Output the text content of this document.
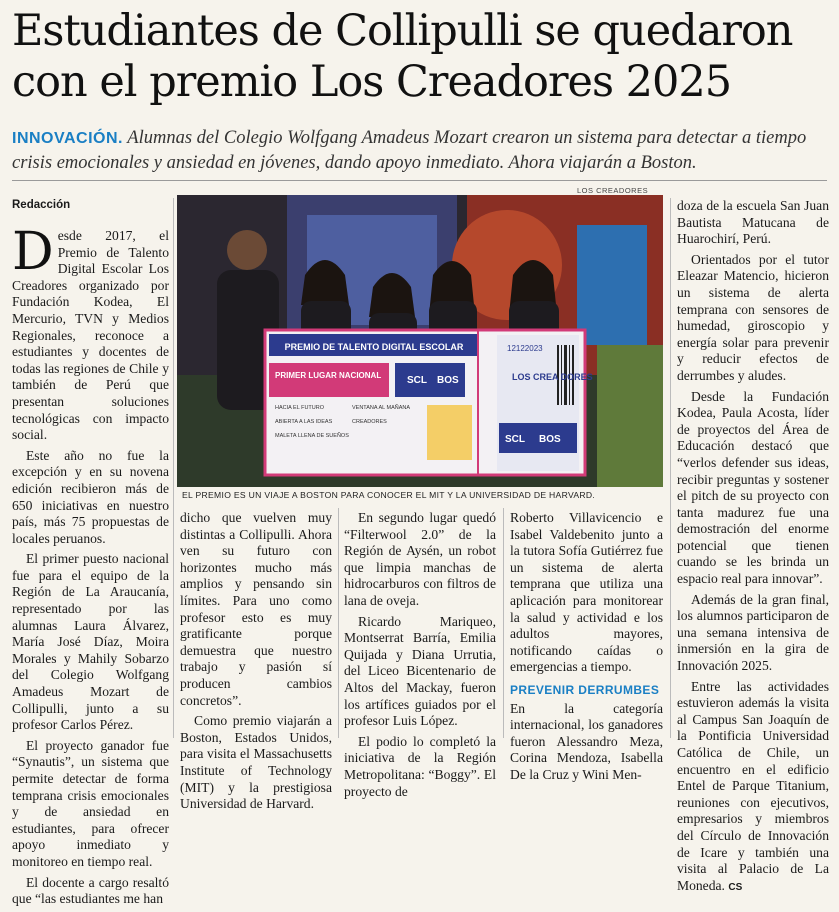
Estudiantes de Collipulli se quedaron con el premio Los Creadores 2025
INNOVACIÓN. Alumnas del Colegio Wolfgang Amadeus Mozart crearon un sistema para detectar a tiempo crisis emocionales y ansiedad en jóvenes, dando apoyo inmediato. Ahora viajarán a Boston.
Redacción

Desde 2017, el Premio de Talento Digital Escolar Los Creadores organizado por Fundación Kodea, El Mercurio, TVN y Medios Regionales, reconoce a estudiantes y docentes de todas las regiones de Chile y también de Perú que presentan soluciones tecnológicas con impacto social.

Este año no fue la excepción y en su novena edición recibieron más de 650 iniciativas en nuestro país, más 75 propuestas de locales peruanos.

El primer puesto nacional fue para el equipo de la Región de La Araucanía, representado por las alumnas Laura Álvarez, María José Díaz, Moira Morales y Mahily Sobarzo del Colegio Wolfgang Amadeus Mozart de Collipulli, junto a su profesor Carlos Pérez.

El proyecto ganador fue “Synautis”, un sistema que permite detectar de forma temprana crisis emocionales y de ansiedad en estudiantes, para ofrecer apoyo inmediato y monitoreo en tiempo real.

El docente a cargo resaltó que “las estudiantes me han

LOS CREADORES
PREMIO DE TALENTO DIGITAL ESCOLAR
PRIMER LUGAR NACIONAL	SCL BOS
12122023
LOS CREA DORES
SCL BOS
HACIA EL FUTURO	VENTANA AL MAÑANA
ABIERTA A LAS IDEAS	CREADORES
MALETA LLENA DE SUEÑOS
EL PREMIO ES UN VIAJE A BOSTON PARA CONOCER EL MIT Y LA UNIVERSIDAD DE HARVARD.

dicho que vuelven muy distintas a Collipulli. Ahora ven su futuro con horizontes mucho más amplios y pensando sin límites. Para uno como profesor esto es muy gratificante porque demuestra que nuestro trabajo y pasión sí producen cambios concretos”.

Como premio viajarán a Boston, Estados Unidos, para visita el Massachusetts Institute of Technology (MIT) y la prestigiosa Universidad de Harvard.

En segundo lugar quedó “Filterwool 2.0” de la Región de Aysén, un robot que limpia manchas de hidrocarburos con filtros de lana de oveja.

Ricardo Mariqueo, Montserrat Barría, Emilia Quijada y Diana Urrutia, del Liceo Bicentenario de Altos del Mackay, fueron los artífices guiados por el profesor Luis López.

El podio lo completó la iniciativa de la Región Metropolitana: “Boggy”. El proyecto de

Roberto Villavicencio e Isabel Valdebenito junto a la tutora Sofía Gutiérrez fue un sistema de alerta temprana que utiliza una aplicación para monitorear la salud y actividad e los adultos mayores, notificando caídas o emergencias a tiempo.

PREVENIR DERRUMBES

En la categoría internacional, los ganadores fueron Alessandro Meza, Corina Mendoza, Isabella De la Cruz y Wini Men-

doza de la escuela San Juan Bautista Matucana de Huarochirí, Perú.

Orientados por el tutor Eleazar Matencio, hicieron un sistema de alerta temprana con sensores de humedad, giroscopio y energía solar para prevenir y reducir efectos de derrumbes y aludes.

Desde la Fundación Kodea, Paula Acosta, líder de proyectos del Área de Educación destacó que “verlos defender sus ideas, recibir preguntas y sostener el pitch de su proyecto con tanta madurez fue una demostración del enorme potencial que tienen cuando se les brinda un espacio real para innovar”.

Además de la gran final, los alumnos participaron de una semana intensiva de inmersión en la gira de Innovación 2025.

Entre las actividades estuvieron además la visita al Campus San Joaquín de la Pontificia Universidad Católica de Chile, un encuentro en el edificio Entel de Parque Titanium, reuniones con ejecutivos, empresarios y miembros del Círculo de Innovación de Icare y también una visita al Palacio de La Moneda. CS
